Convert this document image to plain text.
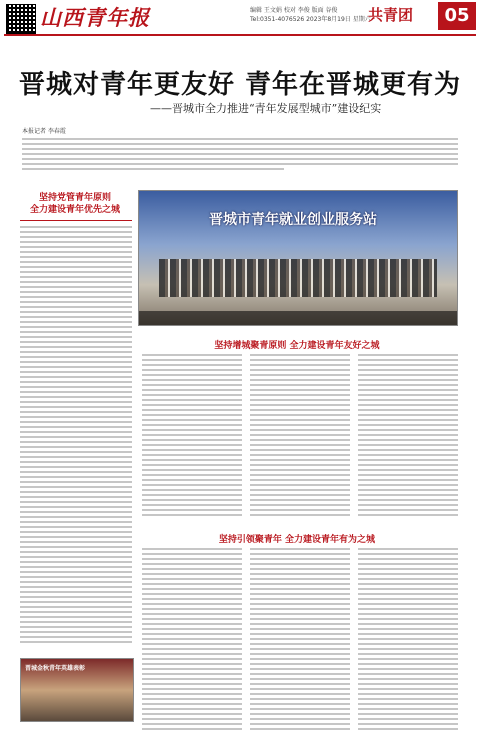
山西青年报	编辑 王文娟 校对 李俊 版面 谷俊
Tel:0351-4076526 2023年8月19日 星期六
共青团	05
晋城对青年更友好 青年在晋城更有为
——晋城市全力推进“青年发展型城市”建设纪实
本报记者 李春霞
坚持党管青年原则
全力建设青年优先之城
晋城市青年就业创业服务站
坚持增城聚青原则 全力建设青年友好之城
坚持引领聚青年 全力建设青年有为之城
晋城金秋青年英雄表彰
